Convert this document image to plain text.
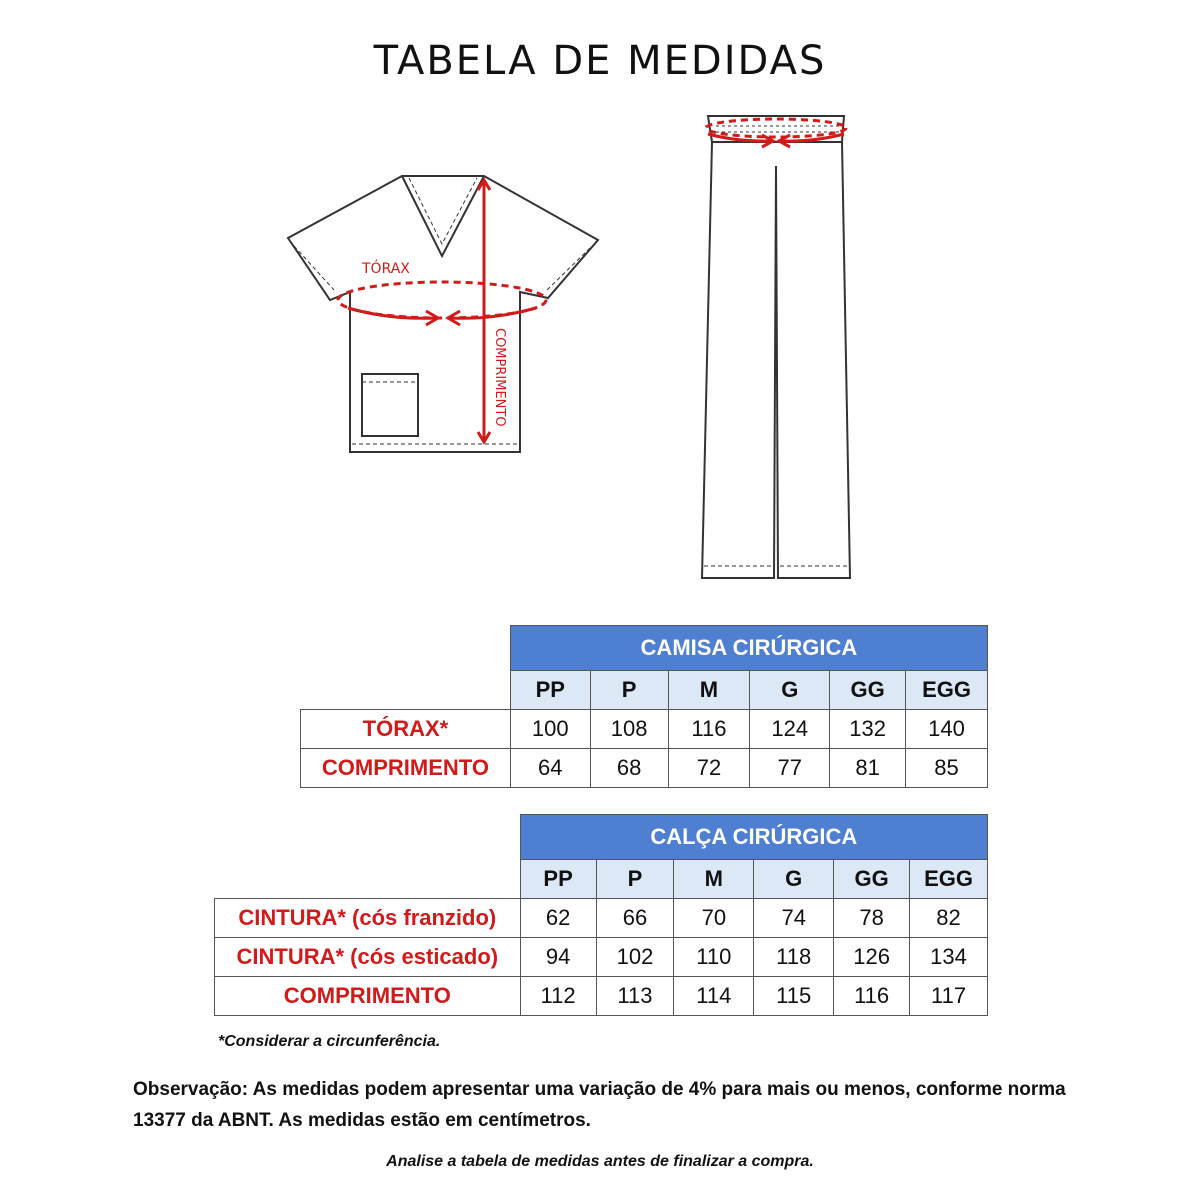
TABELA DE MEDIDAS
TÓRAX
COMPRIMENTO
	CAMISA CIRÚRGICA					
	PP	P	M	G	GG	EGG
TÓRAX*	100	108	116	124	132	140
COMPRIMENTO	64	68	72	77	81	85
	CALÇA CIRÚRGICA					
	PP	P	M	G	GG	EGG
CINTURA* (cós franzido)	62	66	70	74	78	82
CINTURA* (cós esticado)	94	102	110	118	126	134
COMPRIMENTO	112	113	114	115	116	117
*Considerar a circunferência.
Observação: As medidas podem apresentar uma variação de 4% para mais ou menos, conforme norma 13377 da ABNT. As medidas estão em centímetros.
Analise a tabela de medidas antes de finalizar a compra.
